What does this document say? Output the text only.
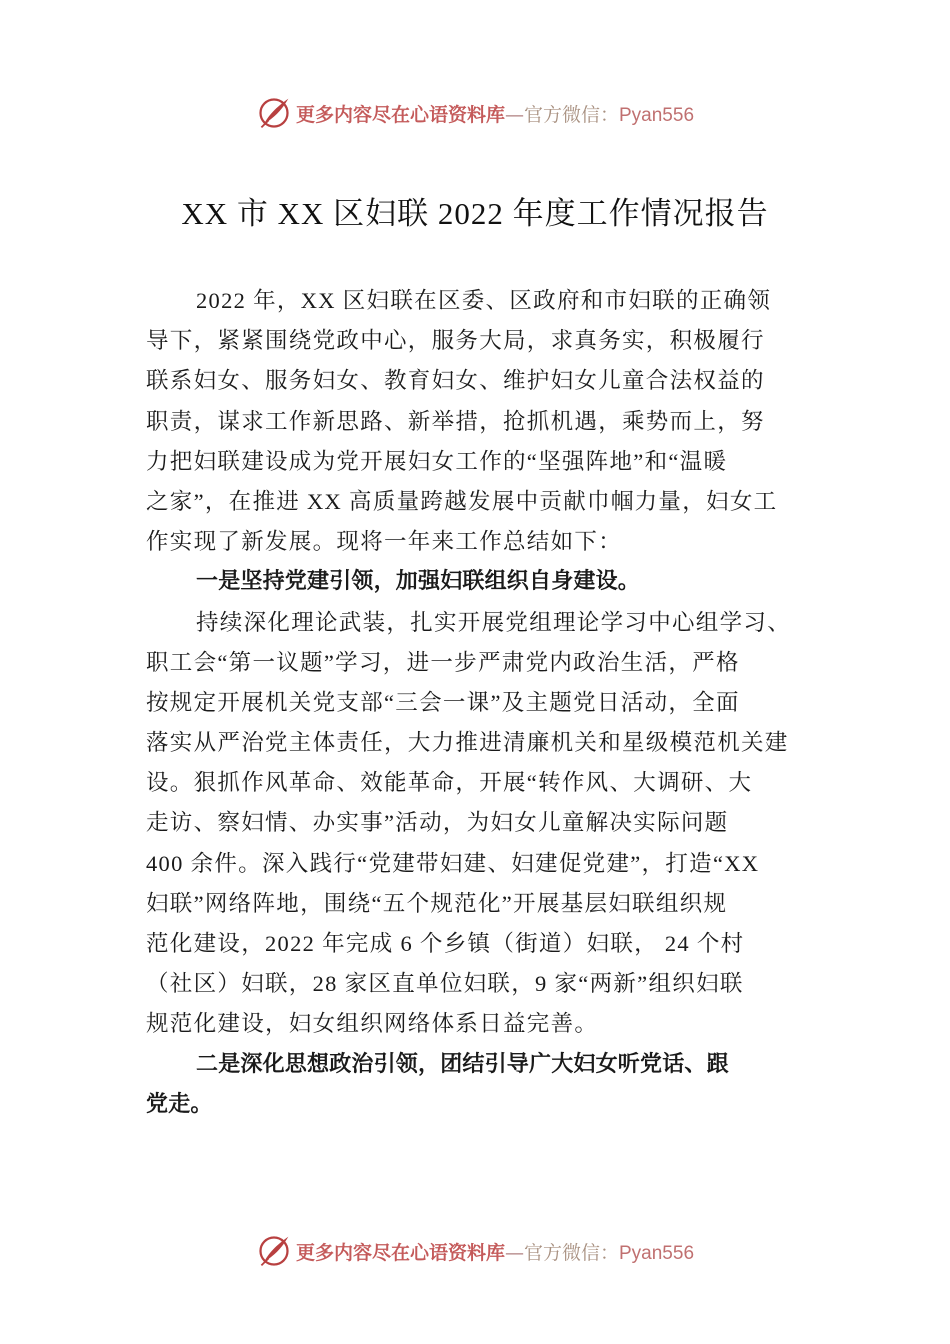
更多内容尽在心语资料库—官方微信：Pyan556
XX 市 XX 区妇联 2022 年度工作情况报告
2022 年，XX 区妇联在区委、区政府和市妇联的正确领
导下，紧紧围绕党政中心，服务大局，求真务实，积极履行
联系妇女、服务妇女、教育妇女、维护妇女儿童合法权益的
职责，谋求工作新思路、新举措，抢抓机遇，乘势而上，努
力把妇联建设成为党开展妇女工作的“坚强阵地”和“温暖
之家”，在推进 XX 高质量跨越发展中贡献巾帼力量，妇女工
作实现了新发展。现将一年来工作总结如下：
一是坚持党建引领，加强妇联组织自身建设。
持续深化理论武装，扎实开展党组理论学习中心组学习、
职工会“第一议题”学习，进一步严肃党内政治生活，严格
按规定开展机关党支部“三会一课”及主题党日活动，全面
落实从严治党主体责任，大力推进清廉机关和星级模范机关建
设。狠抓作风革命、效能革命，开展“转作风、大调研、大
走访、察妇情、办实事”活动，为妇女儿童解决实际问题
400 余件。深入践行“党建带妇建、妇建促党建”，打造“XX
妇联”网络阵地，围绕“五个规范化”开展基层妇联组织规
范化建设，2022 年完成 6 个乡镇（街道）妇联， 24 个村
（社区）妇联，28 家区直单位妇联，9 家“两新”组织妇联
规范化建设，妇女组织网络体系日益完善。
二是深化思想政治引领，团结引导广大妇女听党话、跟
党走。
更多内容尽在心语资料库—官方微信：Pyan556
